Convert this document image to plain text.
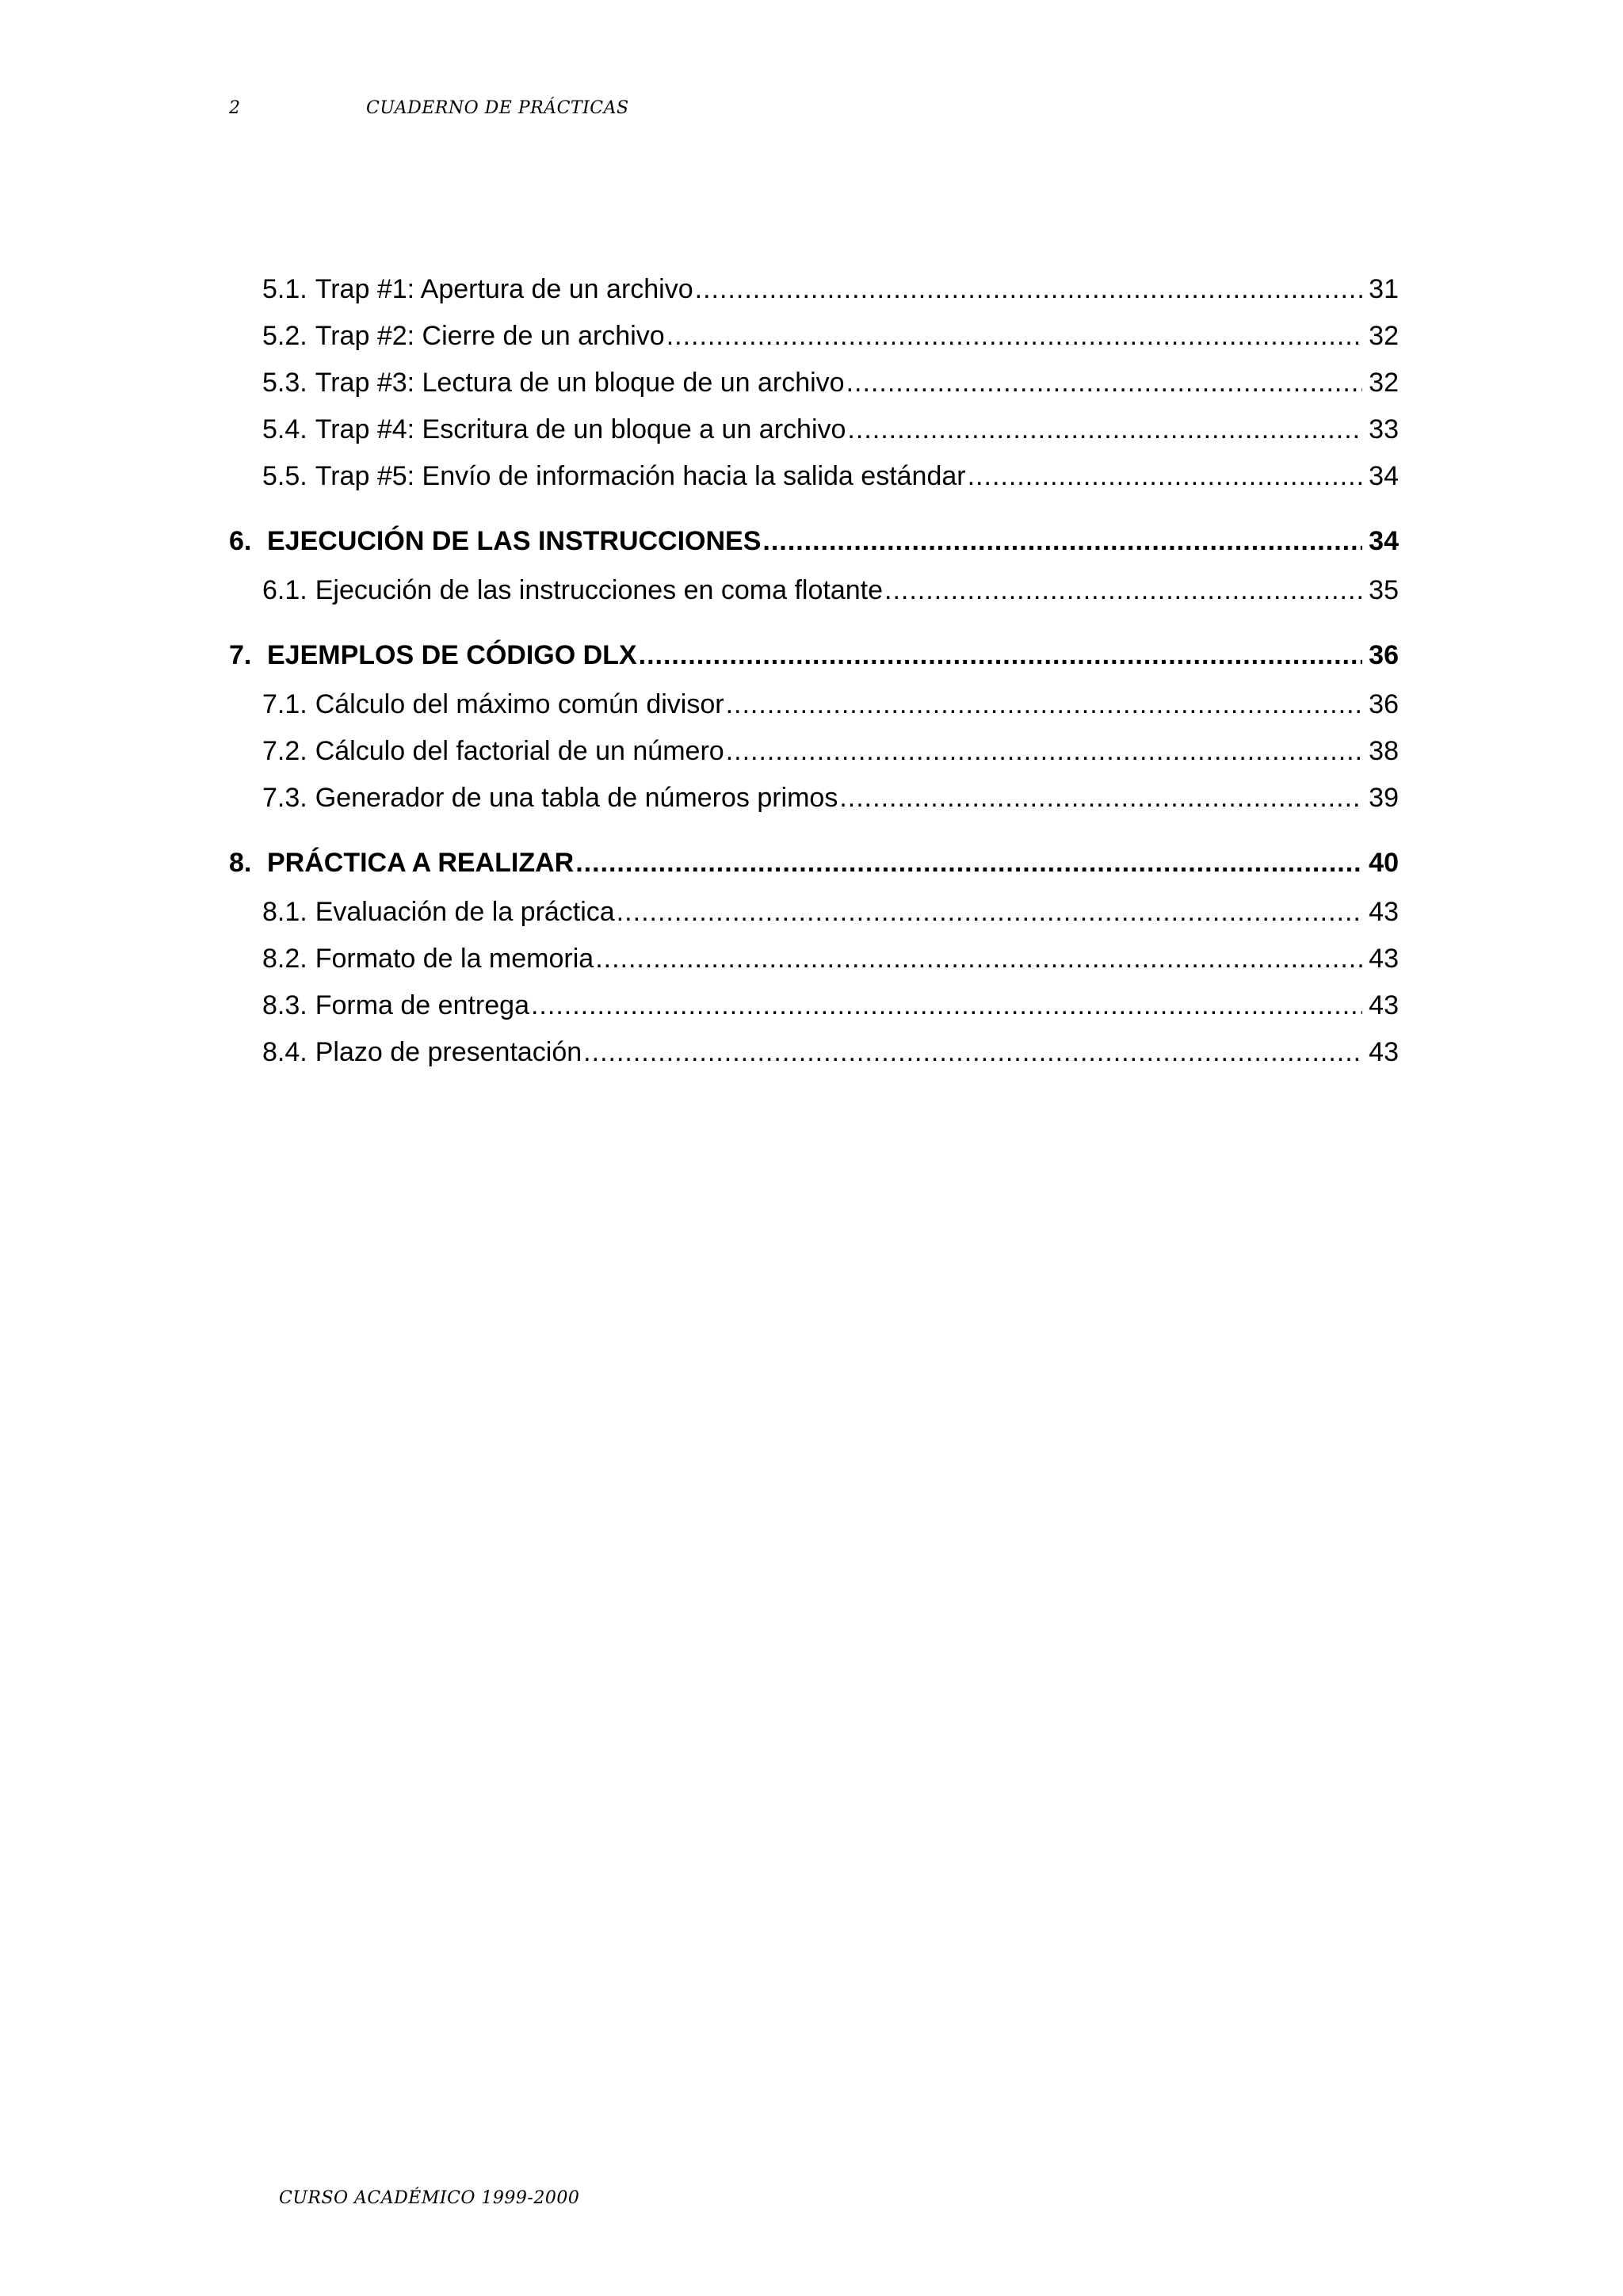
2	CUADERNO DE PRÁCTICAS
5.1. Trap #1: Apertura de un archivo .....	31
5.2. Trap #2: Cierre de un archivo .....	32
5.3. Trap #3: Lectura de un bloque de un archivo .....	32
5.4. Trap #4: Escritura de un bloque a un archivo .....	33
5.5. Trap #5: Envío de información hacia la salida estándar .....	34
6. EJECUCIÓN DE LAS INSTRUCCIONES .....	34
6.1. Ejecución de las instrucciones en coma flotante .....	35
7. EJEMPLOS DE CÓDIGO DLX .....	36
7.1. Cálculo del máximo común divisor .....	36
7.2. Cálculo del factorial de un número .....	38
7.3. Generador de una tabla de números primos .....	39
8. PRÁCTICA A REALIZAR .....	40
8.1. Evaluación de la práctica .....	43
8.2. Formato de la memoria .....	43
8.3. Forma de entrega .....	43
8.4. Plazo de presentación .....	43
CURSO ACADÉMICO 1999-2000
